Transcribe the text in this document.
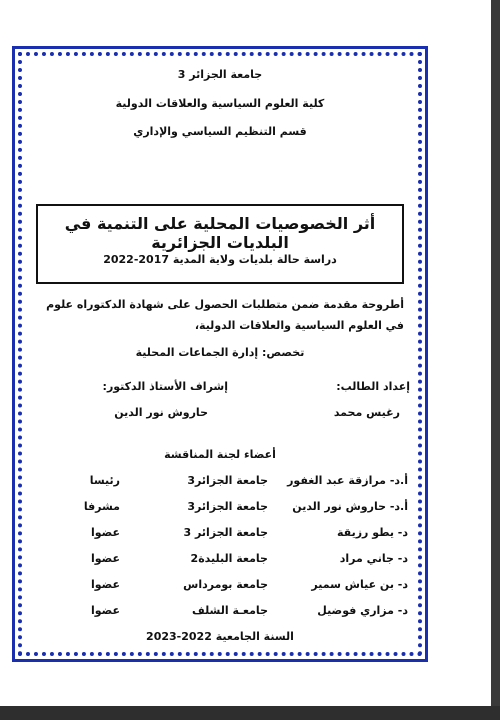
جامعة الجزائر 3
كلية العلوم السياسية والعلاقات الدولية
قسم التنظيم السياسي والإداري
أثر الخصوصيات المحلية على التنمية في البلديات الجزائرية
دراسة حالة بلديات ولاية المدية 2017-2022
أطروحة مقدمة ضمن متطلبات الحصول على شهادة الدكتوراه علوم في العلوم السياسية والعلاقات الدولية،
تخصص: إدارة الجماعات المحلية
إعداد الطالب:
إشراف الأستاذ الدكتور:
رغيس محمد
حاروش نور الدين
أعضاء لجنة المناقشة
أ.د- مرازقة عبد الغفور
جامعة الجزائر3
رئيسا
أ.د- حاروش نور الدين
جامعة الجزائر3
مشرفا
د- يطو رزيقة
جامعة الجزائر 3
عضوا
د- جاني مراد
جامعة البليدة2
عضوا
د- بن عياش سمير
جامعة بومرداس
عضوا
د- مزاري فوضيل
جامعـة الشلف
عضوا
السنة الجامعية 2022-2023
